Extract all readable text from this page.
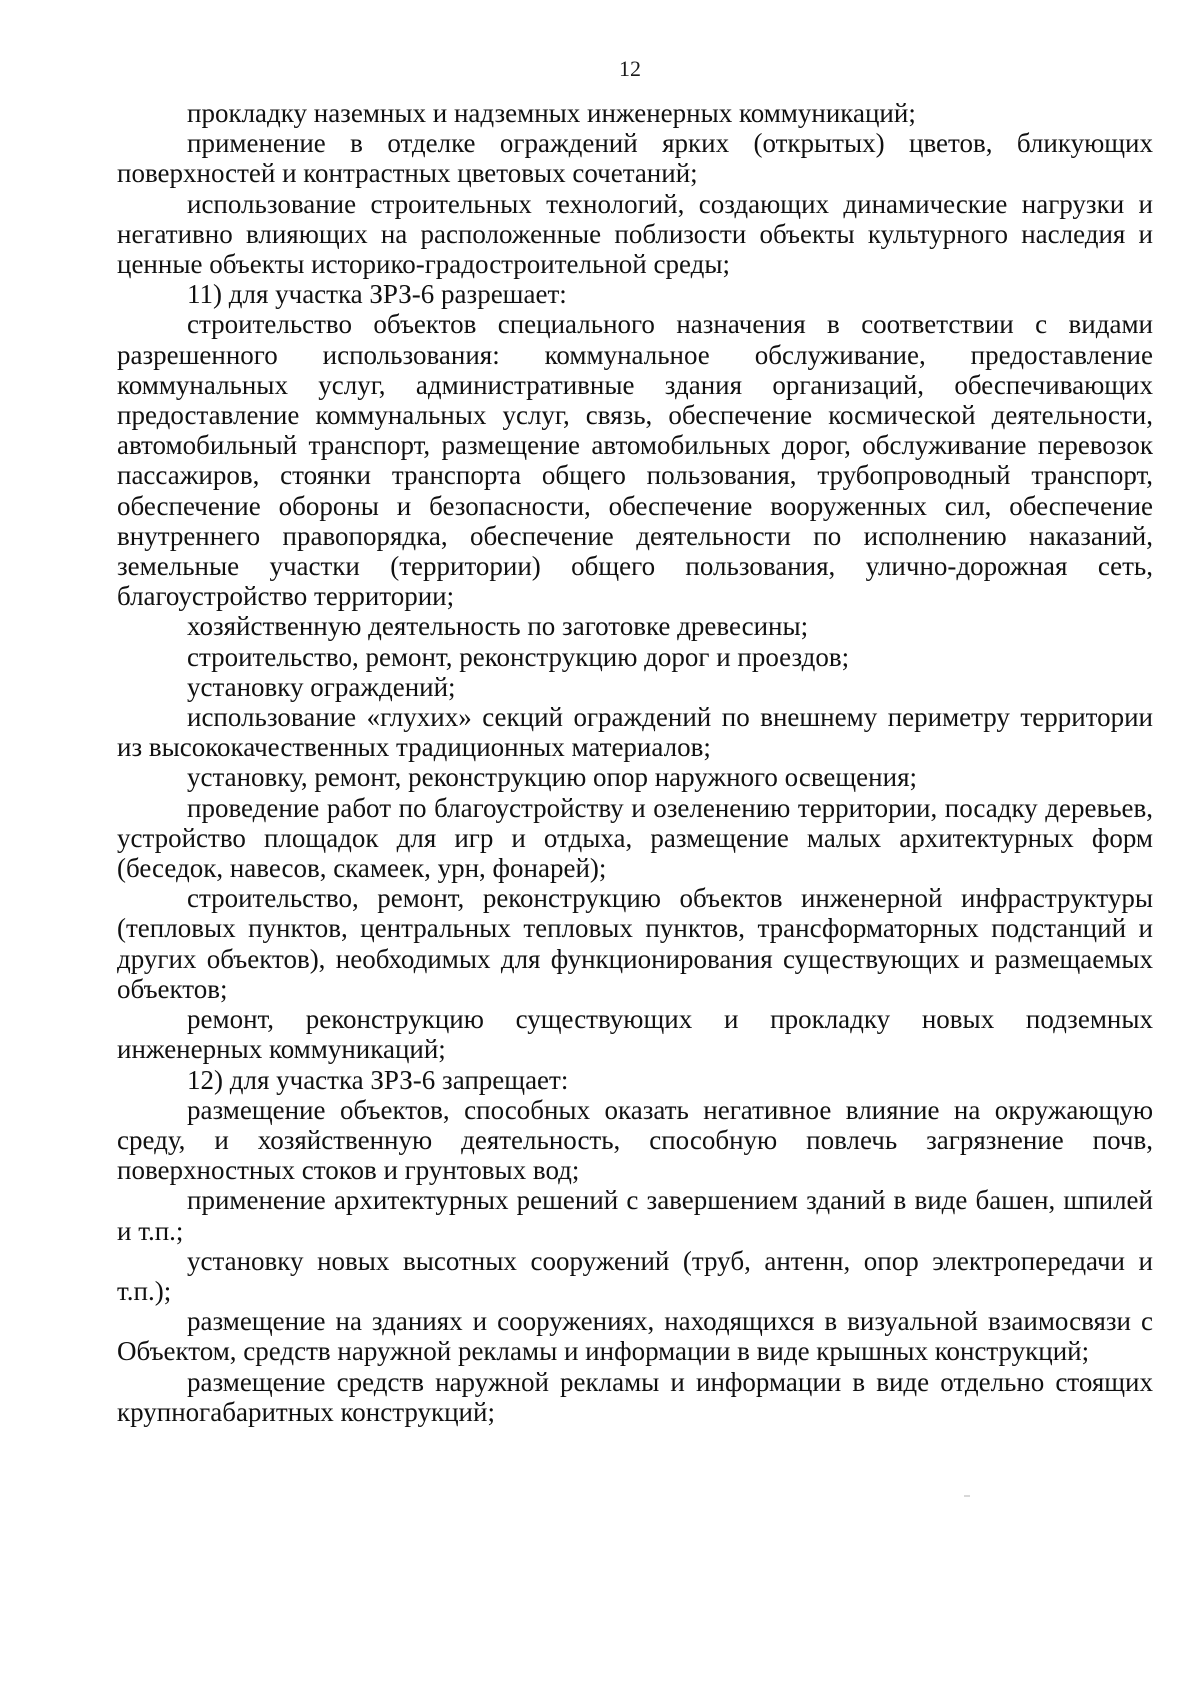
12

прокладку наземных и надземных инженерных коммуникаций;

применение в отделке ограждений ярких (открытых) цветов, бликующих поверхностей и контрастных цветовых сочетаний;

использование строительных технологий, создающих динамические нагрузки и негативно влияющих на расположенные поблизости объекты культурного наследия и ценные объекты историко-градостроительной среды;

11) для участка ЗРЗ-6 разрешает:

строительство объектов специального назначения в соответствии с видами разрешенного использования: коммунальное обслуживание, предоставление коммунальных услуг, административные здания организаций, обеспечивающих предоставление коммунальных услуг, связь, обеспечение космической деятельности, автомобильный транспорт, размещение автомобильных дорог, обслуживание перевозок пассажиров, стоянки транспорта общего пользования, трубопроводный транспорт, обеспечение обороны и безопасности, обеспечение вооруженных сил, обеспечение внутреннего правопорядка, обеспечение деятельности по исполнению наказаний, земельные участки (территории) общего пользования, улично-дорожная сеть, благоустройство территории;

хозяйственную деятельность по заготовке древесины;

строительство, ремонт, реконструкцию дорог и проездов;

установку ограждений;

использование «глухих» секций ограждений по внешнему периметру территории из высококачественных традиционных материалов;

установку, ремонт, реконструкцию опор наружного освещения;

проведение работ по благоустройству и озеленению территории, посадку деревьев, устройство площадок для игр и отдыха, размещение малых архитектурных форм (беседок, навесов, скамеек, урн, фонарей);

строительство, ремонт, реконструкцию объектов инженерной инфраструктуры (тепловых пунктов, центральных тепловых пунктов, трансформаторных подстанций и других объектов), необходимых для функционирования существующих и размещаемых объектов;

ремонт, реконструкцию существующих и прокладку новых подземных инженерных коммуникаций;

12) для участка ЗРЗ-6 запрещает:

размещение объектов, способных оказать негативное влияние на окружающую среду, и хозяйственную деятельность, способную повлечь загрязнение почв, поверхностных стоков и грунтовых вод;

применение архитектурных решений с завершением зданий в виде башен, шпилей и т.п.;

установку новых высотных сооружений (труб, антенн, опор электропередачи и т.п.);

размещение на зданиях и сооружениях, находящихся в визуальной взаимосвязи с Объектом, средств наружной рекламы и информации в виде крышных конструкций;

размещение средств наружной рекламы и информации в виде отдельно стоящих крупногабаритных конструкций;
